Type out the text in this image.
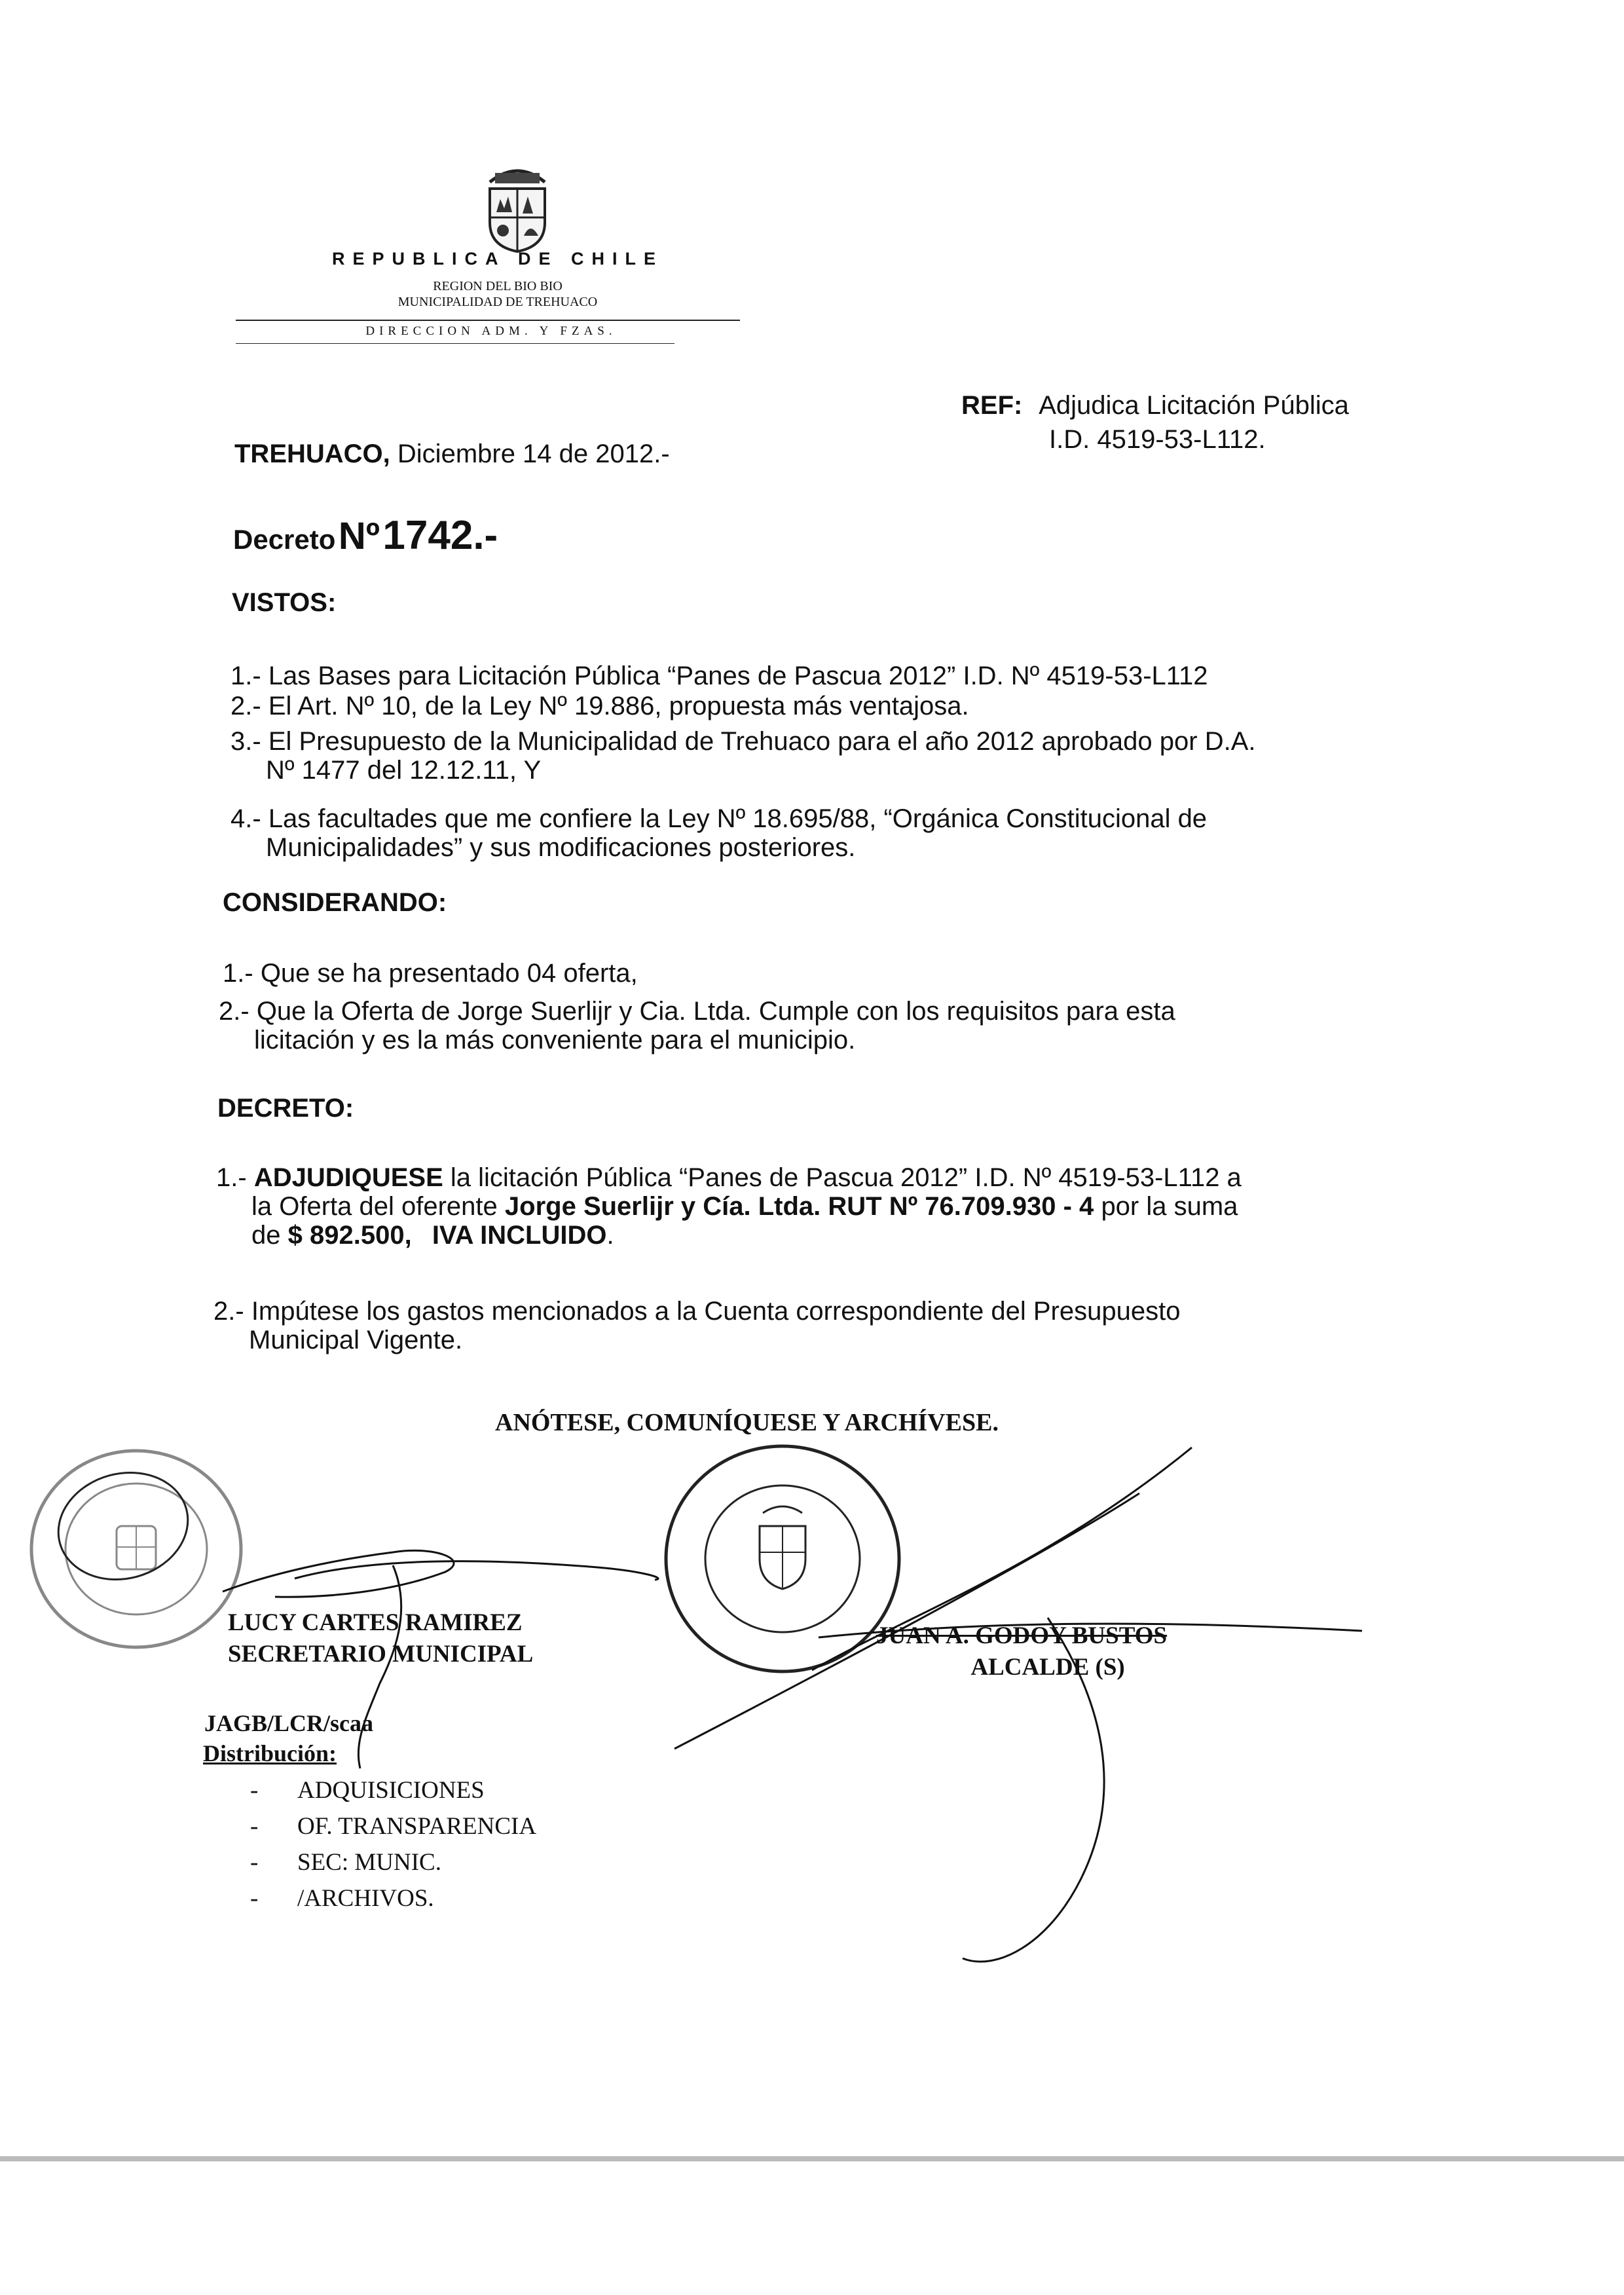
REPUBLICA DE CHILE
REGION DEL BIO BIO
MUNICIPALIDAD DE TREHUACO
DIRECCION ADM. Y FZAS.
REF: Adjudica Licitación Pública
I.D. 4519-53-L112.
TREHUACO, Diciembre 14 de 2012.-
Decreto Nº 1742.-
VISTOS:
1.- Las Bases para Licitación Pública “Panes de Pascua 2012” I.D. Nº 4519-53-L112
2.- El Art. Nº 10, de la Ley Nº 19.886, propuesta más ventajosa.
3.- El Presupuesto de la Municipalidad de Trehuaco para el año 2012 aprobado por D.A.
Nº 1477 del 12.12.11, Y
4.- Las facultades que me confiere la Ley Nº 18.695/88, “Orgánica Constitucional de
Municipalidades” y sus modificaciones posteriores.
CONSIDERANDO:
1.- Que se ha presentado 04 oferta,
2.- Que la Oferta de Jorge Suerlijr y Cia. Ltda. Cumple con los requisitos para esta
licitación y es la más conveniente para el municipio.
DECRETO:
1.- ADJUDIQUESE la licitación Pública “Panes de Pascua 2012” I.D. Nº 4519-53-L112 a
la Oferta del oferente Jorge Suerlijr y Cía. Ltda. RUT Nº 76.709.930 - 4 por la suma
de $ 892.500, IVA INCLUIDO.
2.- Impútese los gastos mencionados a la Cuenta correspondiente del Presupuesto
Municipal Vigente.
ANÓTESE, COMUNÍQUESE Y ARCHÍVESE.
LUCY CARTES RAMIREZ
SECRETARIO MUNICIPAL
JUAN A. GODOY BUSTOS
ALCALDE (S)
JAGB/LCR/scaa
Distribución:
- ADQUISICIONES
- OF. TRANSPARENCIA
- SEC: MUNIC.
- /ARCHIVOS.
